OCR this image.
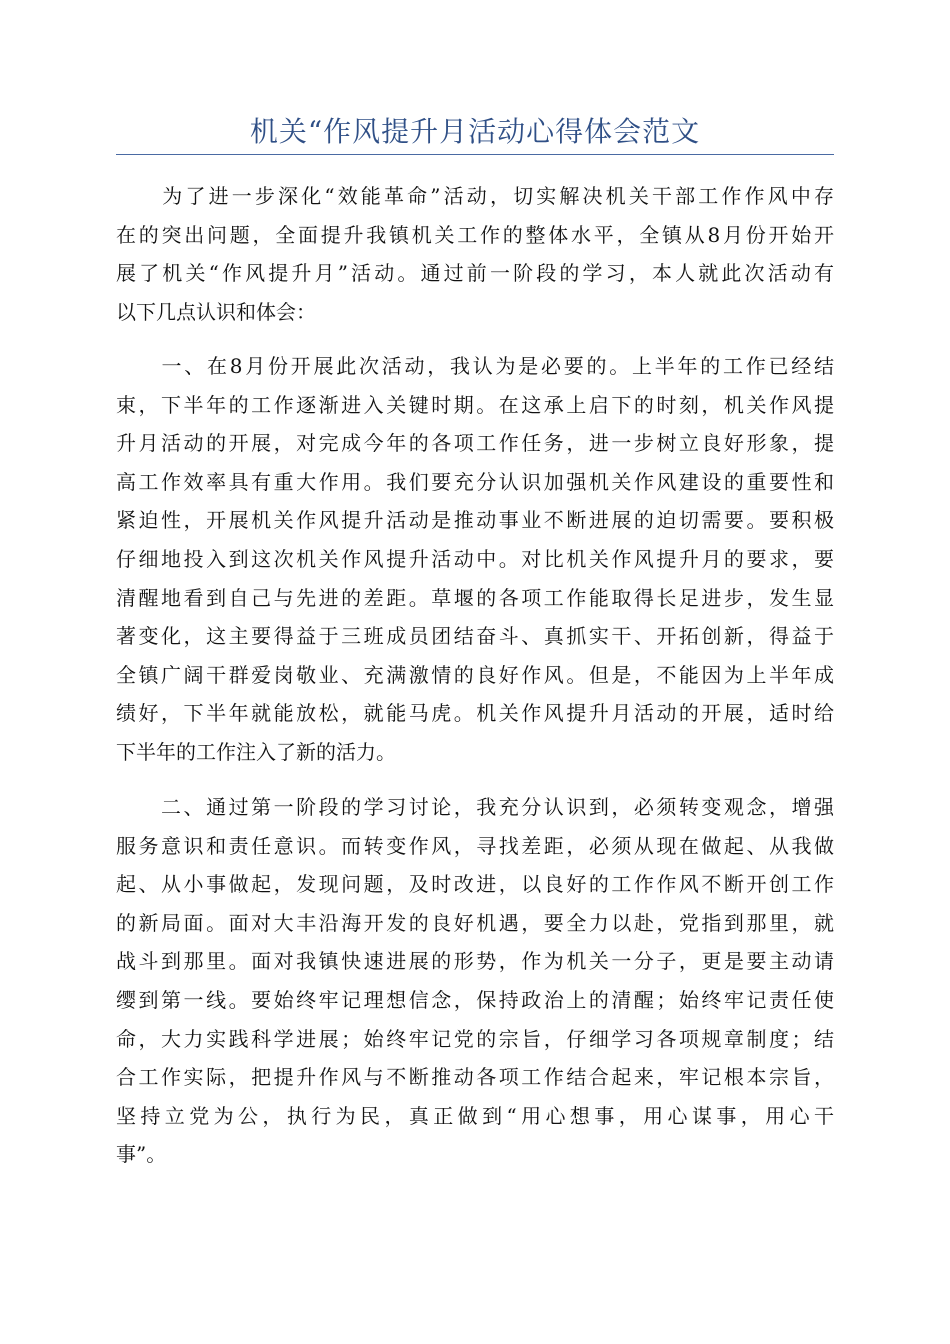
机关“作风提升月活动心得体会范文
　　为了进一步深化“效能革命”活动，切实解决机关干部工作作风中存
在的突出问题，全面提升我镇机关工作的整体水平，全镇从8月份开始开
展了机关“作风提升月”活动。通过前一阶段的学习，本人就此次活动有
以下几点认识和体会：
　　一、在8月份开展此次活动，我认为是必要的。上半年的工作已经结
束，下半年的工作逐渐进入关键时期。在这承上启下的时刻，机关作风提
升月活动的开展，对完成今年的各项工作任务，进一步树立良好形象，提
高工作效率具有重大作用。我们要充分认识加强机关作风建设的重要性和
紧迫性，开展机关作风提升活动是推动事业不断进展的迫切需要。要积极
仔细地投入到这次机关作风提升活动中。对比机关作风提升月的要求，要
清醒地看到自己与先进的差距。草堰的各项工作能取得长足进步，发生显
著变化，这主要得益于三班成员团结奋斗、真抓实干、开拓创新，得益于
全镇广阔干群爱岗敬业、充满激情的良好作风。但是，不能因为上半年成
绩好，下半年就能放松，就能马虎。机关作风提升月活动的开展，适时给
下半年的工作注入了新的活力。
　　二、通过第一阶段的学习讨论，我充分认识到，必须转变观念，增强
服务意识和责任意识。而转变作风，寻找差距，必须从现在做起、从我做
起、从小事做起，发现问题，及时改进，以良好的工作作风不断开创工作
的新局面。面对大丰沿海开发的良好机遇，要全力以赴，党指到那里，就
战斗到那里。面对我镇快速进展的形势，作为机关一分子，更是要主动请
缨到第一线。要始终牢记理想信念，保持政治上的清醒；始终牢记责任使
命，大力实践科学进展；始终牢记党的宗旨，仔细学习各项规章制度；结
合工作实际，把提升作风与不断推动各项工作结合起来，牢记根本宗旨，
坚持立党为公，执行为民，真正做到“用心想事，用心谋事，用心干
事”。
